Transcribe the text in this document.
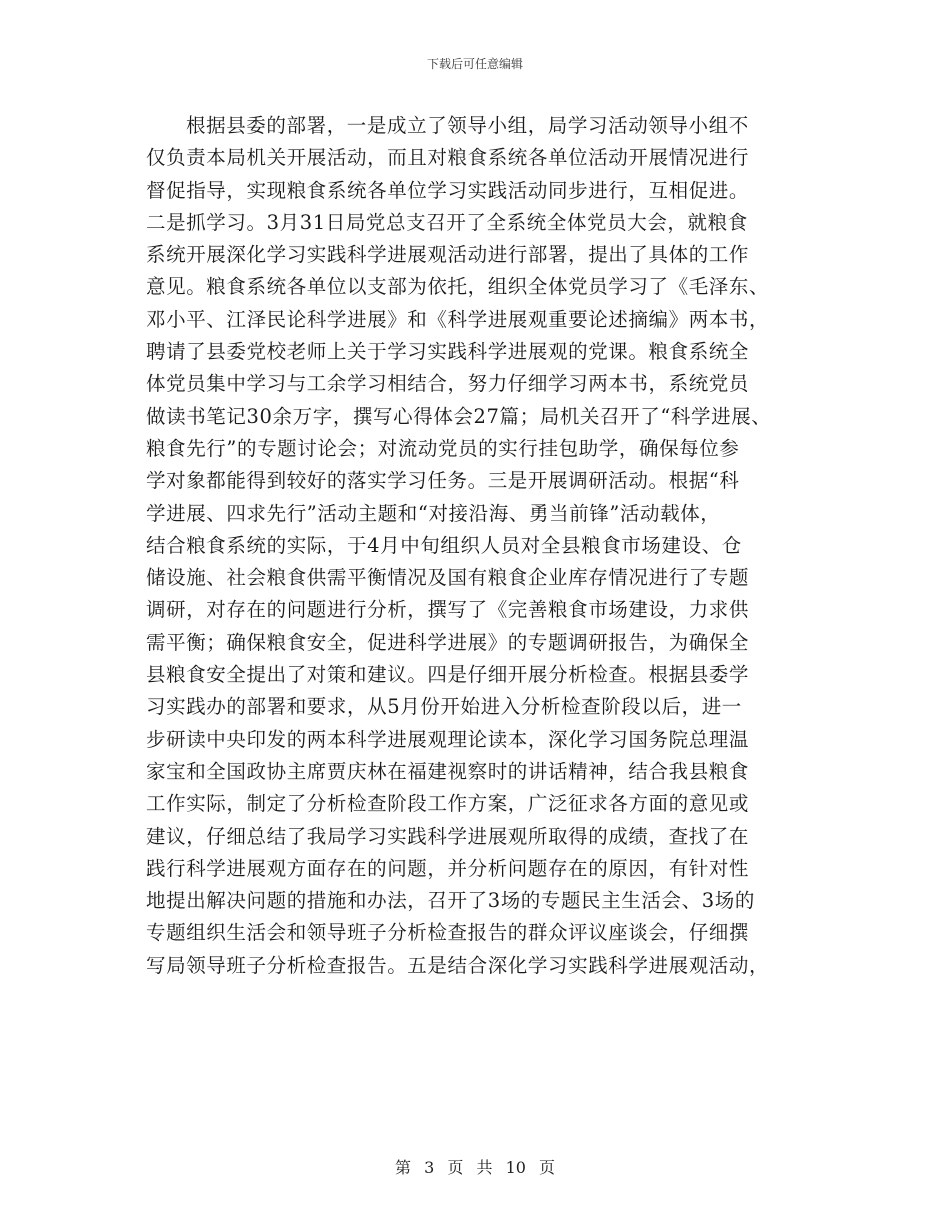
下载后可任意编辑
根据县委的部署，一是成立了领导小组，局学习活动领导小组不
仅负责本局机关开展活动，而且对粮食系统各单位活动开展情况进行
督促指导，实现粮食系统各单位学习实践活动同步进行，互相促进。
二是抓学习。3月31日局党总支召开了全系统全体党员大会，就粮食
系统开展深化学习实践科学进展观活动进行部署，提出了具体的工作
意见。粮食系统各单位以支部为依托，组织全体党员学习了《毛泽东、
邓小平、江泽民论科学进展》和《科学进展观重要论述摘编》两本书，
聘请了县委党校老师上关于学习实践科学进展观的党课。粮食系统全
体党员集中学习与工余学习相结合，努力仔细学习两本书，系统党员
做读书笔记30余万字，撰写心得体会27篇；局机关召开了“科学进展、
粮食先行”的专题讨论会；对流动党员的实行挂包助学，确保每位参
学对象都能得到较好的落实学习任务。三是开展调研活动。根据“科
学进展、四求先行”活动主题和“对接沿海、勇当前锋”活动载体，
结合粮食系统的实际，于4月中旬组织人员对全县粮食市场建设、仓
储设施、社会粮食供需平衡情况及国有粮食企业库存情况进行了专题
调研，对存在的问题进行分析，撰写了《完善粮食市场建设，力求供
需平衡；确保粮食安全，促进科学进展》的专题调研报告，为确保全
县粮食安全提出了对策和建议。四是仔细开展分析检查。根据县委学
习实践办的部署和要求，从5月份开始进入分析检查阶段以后，进一
步研读中央印发的两本科学进展观理论读本，深化学习国务院总理温
家宝和全国政协主席贾庆林在福建视察时的讲话精神，结合我县粮食
工作实际，制定了分析检查阶段工作方案，广泛征求各方面的意见或
建议，仔细总结了我局学习实践科学进展观所取得的成绩，查找了在
践行科学进展观方面存在的问题，并分析问题存在的原因，有针对性
地提出解决问题的措施和办法，召开了3场的专题民主生活会、3场的
专题组织生活会和领导班子分析检查报告的群众评议座谈会，仔细撰
写局领导班子分析检查报告。五是结合深化学习实践科学进展观活动，
第 3 页 共 10 页
